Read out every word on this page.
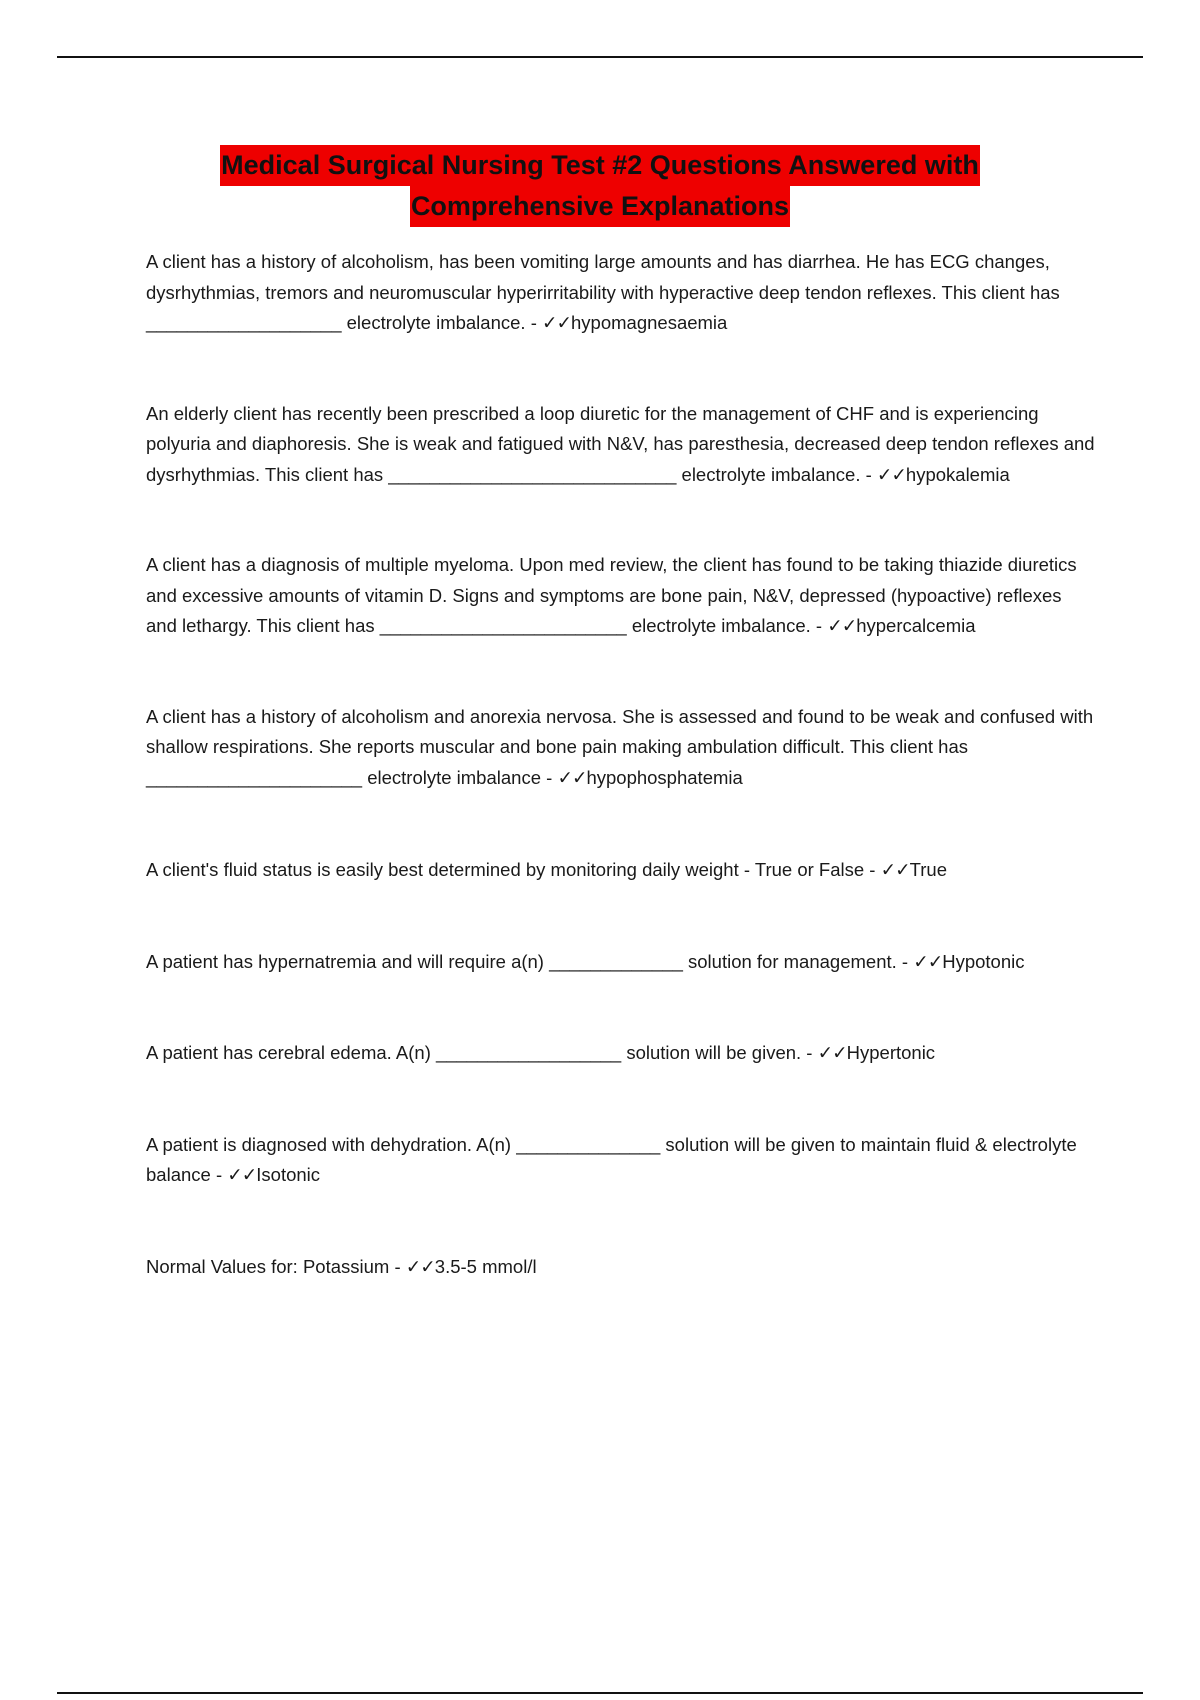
Medical Surgical Nursing Test #2 Questions Answered with
Comprehensive Explanations

A client has a history of alcoholism, has been vomiting large amounts and has diarrhea. He has ECG changes, dysrhythmias, tremors and neuromuscular hyperirritability with hyperactive deep tendon reflexes. This client has ___________________ electrolyte imbalance. - ✓✓hypomagnesaemia

An elderly client has recently been prescribed a loop diuretic for the management of CHF and is experiencing polyuria and diaphoresis. She is weak and fatigued with N&V, has paresthesia, decreased deep tendon reflexes and dysrhythmias. This client has ____________________________ electrolyte imbalance. - ✓✓hypokalemia

A client has a diagnosis of multiple myeloma. Upon med review, the client has found to be taking thiazide diuretics and excessive amounts of vitamin D. Signs and symptoms are bone pain, N&V, depressed (hypoactive) reflexes and lethargy. This client has ________________________ electrolyte imbalance. - ✓✓hypercalcemia

A client has a history of alcoholism and anorexia nervosa. She is assessed and found to be weak and confused with shallow respirations. She reports muscular and bone pain making ambulation difficult. This client has _____________________ electrolyte imbalance - ✓✓hypophosphatemia

A client's fluid status is easily best determined by monitoring daily weight - True or False - ✓✓True

A patient has hypernatremia and will require a(n) _____________ solution for management. - ✓✓Hypotonic

A patient has cerebral edema. A(n) __________________ solution will be given. - ✓✓Hypertonic

A patient is diagnosed with dehydration. A(n) ______________ solution will be given to maintain fluid & electrolyte balance - ✓✓Isotonic

Normal Values for: Potassium - ✓✓3.5-5 mmol/l
